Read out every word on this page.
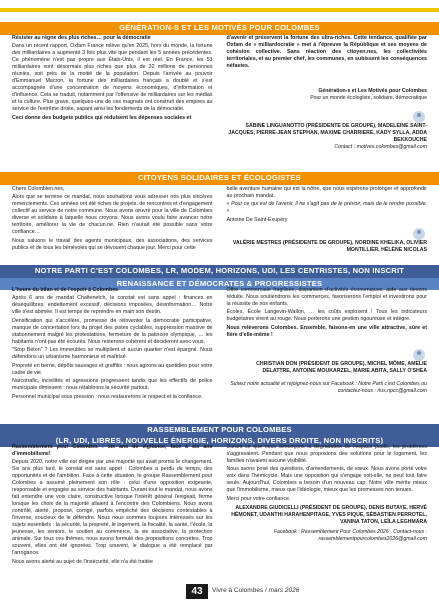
GÉNÉRATION-S ET LES MOTIVÉS POUR COLOMBES

Résister au règne des plus riches… pour la démocratie

Dans un récent rapport, Oxfam France relève qu'en 2025, hors du monde, la fortune des milliardaires a augmenté 3 fois plus vite que pendant les 5 années précédentes. Ce phénomène n'est pas propre aux États-Unis, il est réel. En France, les 53 milliardaires sont désormais plus riches que plus de 32 millions de personnes réunies, soit près de la moitié de la population. Depuis l'arrivée au pouvoir d'Emmanuel Macron, la fortune des milliardaires français a doublé et s'est accompagnée d'une concentration de moyens économiques, d'information et d'influence. Cela se traduit, notamment par l'offensive de milliardaires sur les médias et la culture. Plus grave, quelques-uns de ces magnats ont construit des empires au service de l'extrême droite, sapant ainsi les fondements de la démocratie.

Ceci donne des budgets publics qui réduisent les dépenses sociales et

d'avenir et préservent la fortune des ultra-riches. Cette tendance, qualifiée par Oxfam de « milliardocratie » met à l'épreuve la République et ses moyens de cohésion collective. Sans réaction des citoyen.nes, les collectivités territoriales, et au premier chef, les communes, en subissent les conséquences néfastes.

Génération-s et Les Motivés pour Colombes
Pour un monde écologiste, solidaire, démocratique
SABINE LINGUANOTTO (PRÉSIDENTE DE GROUPE), MADELEINE SAINT-JACQUES, PIERRE-JEAN STEPHAN, MAXIME CHARRIERE, KADY SYLLA, ADDA BEKKOUCHE
Contact : motives.colombes@gmail.com
CITOYENS SOLIDAIRES ET ÉCOLOGISTES

Chers Colombien.nes,

Alors que se termine ce mandat, nous souhaitons vous adresser nos plus sincères remerciements. Ces années ont été riches de projets, de rencontres et d'engagement collectif au service de notre commune. Nous avons œuvré pour la ville de Colombes diverse et solidaire à laquelle nous croyons. Nous avons voulu faire avancer notre territoire, améliorer la vie de chacun.ne. Rien n'aurait été possible sans votre confiance…

Nous saluons le travail des agents municipaux, des associations, des services publics et de tous les bénévoles qui se dévouent chaque jour. Merci pour cette

belle aventure humaine qui est la nôtre, que nous espérons prolonger et approfondir au prochain mandat.

« Pour ce qui est de l'avenir, il ne s'agit pas de le prévoir, mais de le rendre possible. »

Antoine De Saint-Exupéry

VALÉRIE MESTRES (PRÉSIDENTE DE GROUPE), NORDINE KHELIKA, OLIVIER MONTILLIER, HÉLÈNE NICOLAS
NOTRE PARTI C'EST COLOMBES, LR, MODEM, HORIZONS, UDI, LES CENTRISTES, NON INSCRIT
RENAISSANCE ET DÉMOCRATES & PROGRESSISTES

L'heure du bilan et de l'espoir à Colombes

Après 6 ans de mandat Chaltenetch, le constat est sans appel : finances en déséquilibres, endettement excessif, décisions imposées, désinformation… Notre ville s'est abimée. Il est temps de reprendre en main son destin.

Densification qui s'accélère, promesse de réinventer la démocratie participative, manque de concertation lors du projet des pistes cyclables, suppression massive de stationnement malgré les protestations, fermeture de la patinoire olympique, … les habitants n'ont pas été écoutés. Nous resterons cohérent et décideront avec vous.

"Stop Béton" ? Les immeubles se multiplient et aucun quartier n'est épargné. Nous défendons un urbanisme harmonieux et maîtrisé.

Propreté en berne, dépôts sauvages et graffitis : nous agirons au quotidien pour votre cadre de vie.

Narcotrafic, incivilités et agressions progressent tandis que les effectifs de police municipale diminuent : nous rétablirons la sécurité partout.

Personnel municipal sous pression : nous restaurerons le respect et la confiance.

Offre commerciale fragilisée, disparition d'activités économiques, aide aux devoirs réduite. Nous soutiendrons les commerces, favoriserons l'emploi et investirons pour la réussite de nos enfants.

Écoles, École Langevin-Wallon, … les coûts explosent ! Tous les indicateurs budgétaires virent au rouge. Nous porterons une gestion rigoureuse et intègre.

Nous relèverons Colombes. Ensemble, faisons-en une ville attractive, sûre et fière d'elle-même !

CHRISTIAN DON (PRÉSIDENT DE GROUPE), MICHEL MÔME, AMÉLIE DELATTRE, ANTOINE MOUKARZEL, MARIE ABITA, SALLY O'SHEA
Suivez notre actualité et rejoignez-nous sur Facebook : Notre Parti c'est Colombes ou contactez-nous : rlus.npcc@gmail.com
RASSEMBLEMENT POUR COLOMBES
(LR, UDI, LIBRES, NOUVELLE ÉNERGIE, HORIZONS, DIVERS DROITE, NON INSCRITS)

Rassemblement pour Colombes : six ans de vigilance, face à six ans d'immobilisme!

Depuis 2020, notre ville est dirigée par une majorité qui avait promis le changement. Six ans plus tard, le constat est sans appel : Colombes a perdu de temps, des opportunités et de l'ambition. Face à cette situation, le groupe Rassemblement pour Colombes a assumé pleinement son rôle : celui d'une opposition exigeante, responsable et engagée au service des habitants. Durant tout le mandat, nous avons fait entendre une voix claire, constructive lorsque l'intérêt général l'exigeait, ferme lorsque les choix de la majorité allaient à l'encontre des Colombiens. Nous avons contrôlé, alerté, proposé, corrigé, parfois empêché des décisions contestables à l'inverse, soucieux de le défendre. Nous nous sommes toujours intéressés sur les sujets essentiels : la sécurité, la propreté, le logement, la fiscalité, la santé, l'école, la jeunesse, les seniors, le soutien au commerce, la vie associative, la protection animale. Sur tous ces thèmes, nous avons formulé des propositions concrètes. Trop souvent, elles ont été ignorées. Trop souvent, le dialogue a été remplacé par l'arrogance.

Nous avons alerté au sujet de l'insécurité, elle n'a été traitée

Durant ce que nous dénonçons la dégradation de l'espace public, les problèmes s'aggravaient. Pendant que nous proposions des solutions pour le logement, les familles n'avaient aucune visibilité.

Nous avons posé des questions, d'amendements, de vœux. Nous avons porté votre voix dans l'hémicycle. Mais une opposition qui s'engage soit-elle, ne peut tout faire seule. Aujourd'hui, Colombes a besoin d'un nouveau cap. Notre ville mérite mieux que l'immobilisme, mieux que l'idéologie, mieux que les promesses non tenues.

Merci pour votre confiance.

ALEXANDRE GIUDICELLI (PRÉSIDENT DE GROUPE), DENIS BUTAYE, HERVÉ HÉMONET, UDANTHI HARAHENPITAGE, YVES PIQUE, SÉBASTIEN PERROTEL, VANINA TATON, LEÏLA LEGHMARA
Facebook : Rassemblement Pour Colombes 2026 · Contact-nous : rassemblementpourcolombes2026@gmail.com
43	Vivre à Colombes / mars 2026
